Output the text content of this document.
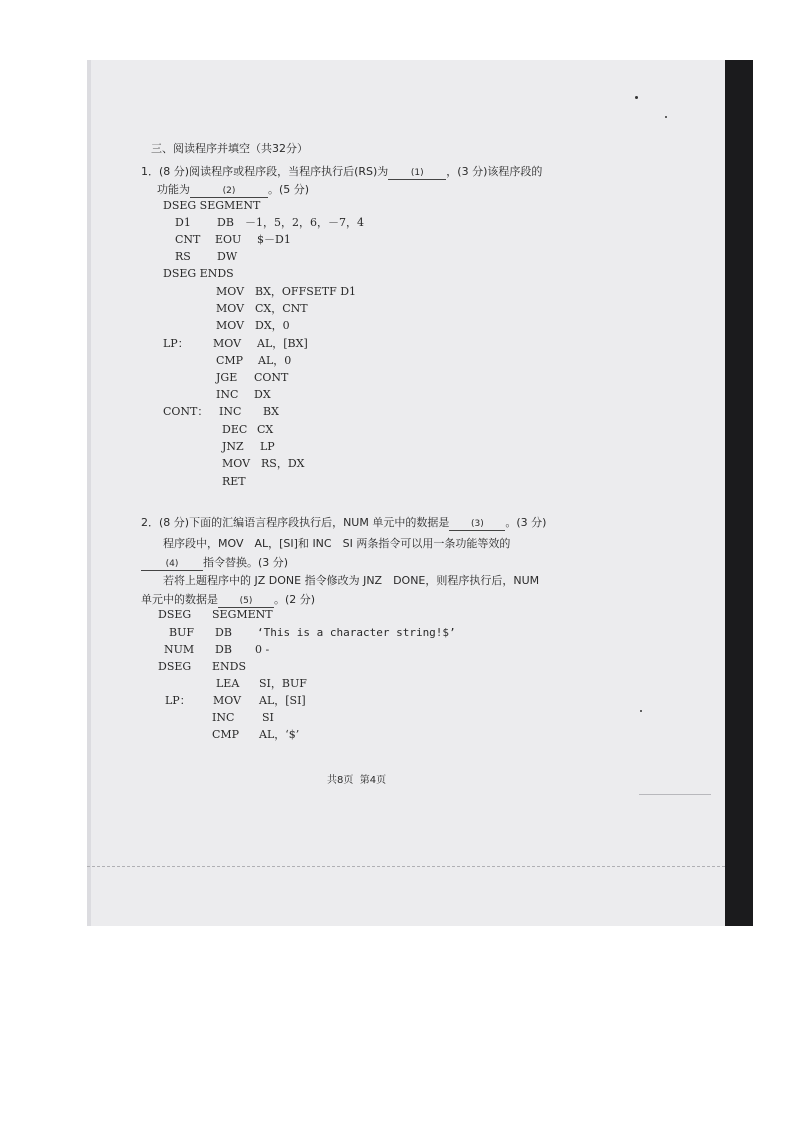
三、阅读程序并填空（共32分）
1．(8 分)阅读程序或程序段，当程序执行后(RS)为	(1) ，(3 分)该程序段的
功能为	(2)	。(5 分)
DSEG SEGMENT
D1 DB －1，5，2，6，－7，4
CNT EOU $－D1
RS DW
DSEG ENDS
MOV BX，OFFSETF D1
MOV CX，CNT
MOV DX，0
LP： MOV AL，[BX]
CMP AL，0
JGE CONT
INC DX
CONT： INC BX
DEC CX
JNZ LP
MOV RS，DX
RET
2．(8 分)下面的汇编语言程序段执行后，NUM 单元中的数据是 (3) 。(3 分)
程序段中，MOV　AL，[SI]和 INC　SI 两条指令可以用一条功能等效的
(4) 指令替换。(3 分)
若将上题程序中的 JZ DONE 指令修改为 JNZ　DONE，则程序执行后，NUM
单元中的数据是 (5) 。(2 分)
DSEG SEGMENT
BUF DB ‘This is a character string!$’
NUM DB 0 -
DSEG ENDS
LEA SI，BUF
LP： MOV AL，[SI]
INC	SI
CMP AL，‘$’
共8页  第4页
